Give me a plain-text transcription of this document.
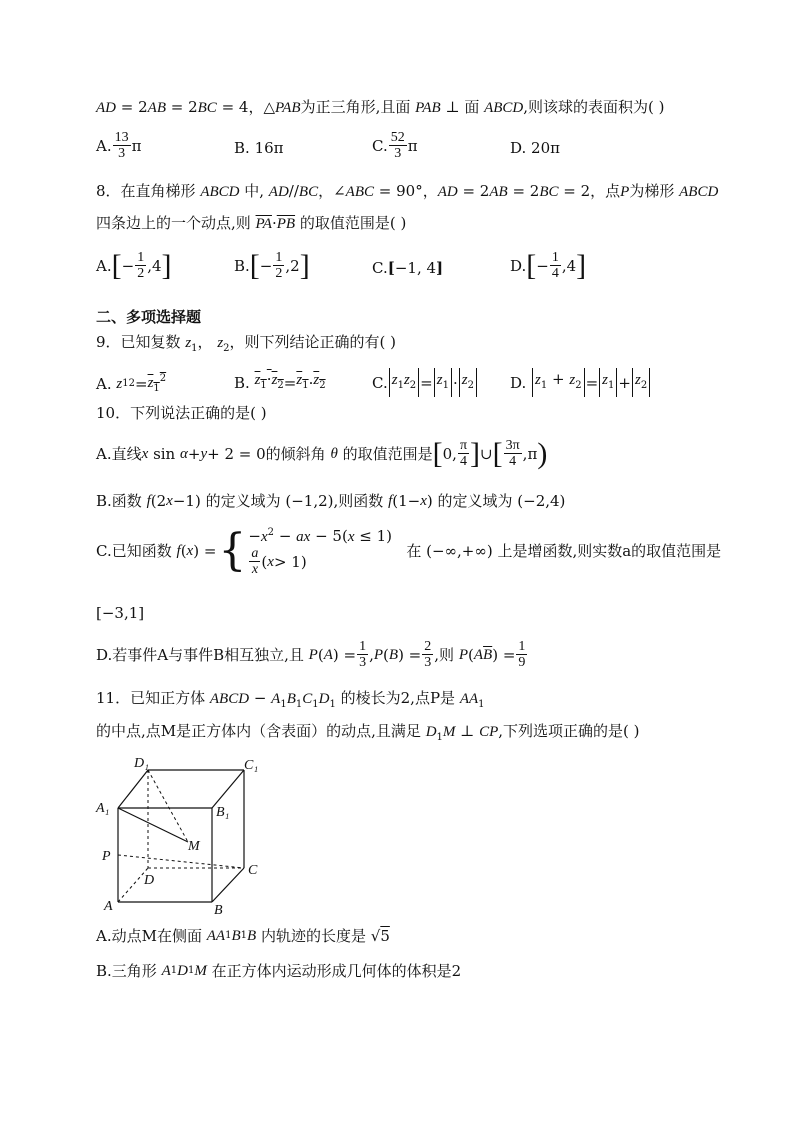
AD = 2AB = 2BC = 4，△PAB为正三角形,且面 PAB ⊥ 面 ABCD,则该球的表面积为( )
A. $\frac{13}{3}$ π	B.
16π	C. $\frac{52}{3}$ π	D.
20π
8．在直角梯形 ABCD 中, AD//BC，∠ABC = 90°，AD = 2AB = 2BC = 2，点P为梯形 ABCD
四条边上的一个动点,则 $\overline{PA}\cdot\overline{PB}$ 的取值范围是( )
A. [ − $\frac{1}{2} ,4$ ]	B. [ − $\frac{1}{2} ,2$ ]	C. [ −1, 4 ]	D. [ − $\frac{1}{4} ,4$ ]
二、多项选择题
9．已知复数 $z_1$， $z_2$，则下列结论正确的有( )
A.
z 1 $2 = z_1^2$	B.
$z_1\cdot z_2 = z_1 \cdot z_2$	C. $z_1z_2 = z_1 \cdot z_2$ D.
$z_1 + z_2 = z_1 + z_2$
10．下列说法正确的是( )
A. 直线 x sin α + y + 2 = 0 的倾斜角
θ
的取值范围是 [ 0, $\frac{\pi}{4}$ ] ∪ [ $\frac{3\pi}{4} ,\pi$ )
B. 函数
f (2 x −1) 的定义域为 (−1,2) ,则函数
f (1− x ) 的定义域为 (−2,4)
C. 已知函数
f ( x ) = { $-x^2$ − ax − 5(x ≤ 1)
$\frac{a}{x}$ ( x > 1)

在 (−∞,+∞) 上是增函数,则实数a的取值范围是
[−3,1]
D. 若事件A与事件B相互独立,且
P ( A ) = $\frac{1}{3}$ , P ( B ) = $\frac{2}{3}$ ,则
P ( A $\overline{B}$ ) = $\frac{1}{9}$
11．已知正方体 ABCD − $A_1B_1C_1D_1$ 的棱长为2,点P是 $AA_1$
的中点,点M是正方体内（含表面）的动点,且满足 $D_1M$ ⊥ CP,下列选项正确的是( )
D₁	C₁
A₁	B₁
M
P
D
C
A	B
A. 动点M在侧面
AA 1 B 1 B
内轨迹的长度是 √ 5
B. 三角形
A 1 D 1 M
在正方体内运动形成几何体的体积是2
